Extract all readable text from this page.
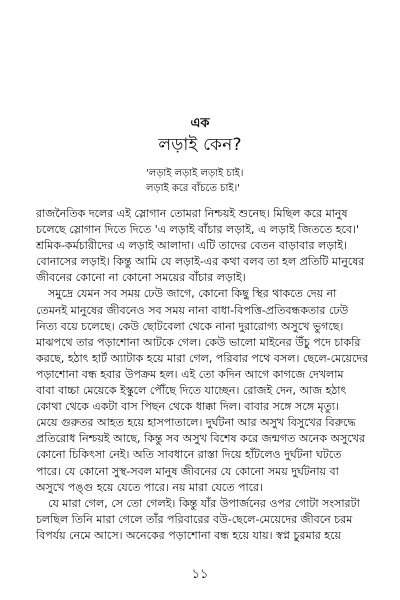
এক
লড়াই কেন?
'লড়াই লড়াই লড়াই চাই।
লড়াই করে বাঁচতে চাই।'
রাজনৈতিক দলের এই স্লোগান তোমরা নিশ্চয়ই শুনেছ। মিছিল করে মানুষ
চলেছে স্লোগান দিতে দিতে 'এ লড়াই বাঁচার লড়াই, এ লড়াই জিততে হবে।'
শ্রমিক-কর্মচারীদের এ লড়াই আলাদা। এটি তাদের বেতন বাড়াবার লড়াই।
বোনাসের লড়াই। কিন্তু আমি যে লড়াই-এর কথা বলব তা হল প্রতিটি মানুষের
জীবনের কোনো না কোনো সময়ের বাঁচার লড়াই।
সমুদ্রে যেমন সব সময় ঢেউ জাগে, কোনো কিছু স্থির থাকতে দেয় না
তেমনই মানুষের জীবনেও সব সময় নানা বাধা-বিপত্তি-প্রতিবন্ধকতার ঢেউ
নিত্য বয়ে চলেছে। কেউ ছোটবেলা থেকে নানা দুরারোগ্য অসুখে ভুগছে।
মাঝপথে তার পড়াশোনা আটকে গেল। কেউ ভালো মাইনের উঁচু পদে চাকরি
করছে, হঠাৎ হার্ট অ্যাটাক হয়ে মারা গেল, পরিবার পথে বসল। ছেলে-মেয়েদের
পড়াশোনা বন্ধ হবার উপক্রম হল। এই তো কদিন আগে কাগজে দেখলাম
বাবা বাচ্চা মেয়েকে ইস্কুলে পৌঁছে দিতে যাচ্ছেন। রোজই দেন, আজ হঠাৎ
কোথা থেকে একটা বাস পিছন থেকে ধাক্কা দিল। বাবার সঙ্গে সঙ্গে মৃত্যু।
মেয়ে গুরুতর আহত হয়ে হাসপাতালে। দুর্ঘটনা আর অসুখ বিসুখের বিরুদ্ধে
প্রতিরোধ নিশ্চয়ই আছে, কিন্তু সব অসুখ বিশেষ করে জন্মগত অনেক অসুখের
কোনো চিকিৎসা নেই। অতি সাবধানে রাস্তা দিয়ে হাঁটলেও দুর্ঘটনা ঘটতে
পারে। যে কোনো সুস্থ-সবল মানুষ জীবনের যে কোনো সময় দুর্ঘটনায় বা
অসুখে পঙ্গু হয়ে যেতে পারে। নয় মারা যেতে পারে।
যে মারা গেল, সে তো গেলই। কিন্তু যাঁর উপার্জনের ওপর গোটা সংসারটা
চলছিল তিনি মারা গেলে তাঁর পরিবারের বউ-ছেলে-মেয়েদের জীবনে চরম
বিপর্যয় নেমে আসে। অনেকের পড়াশোনা বন্ধ হয়ে যায়। স্বপ্ন চুরমার হয়ে
১১
